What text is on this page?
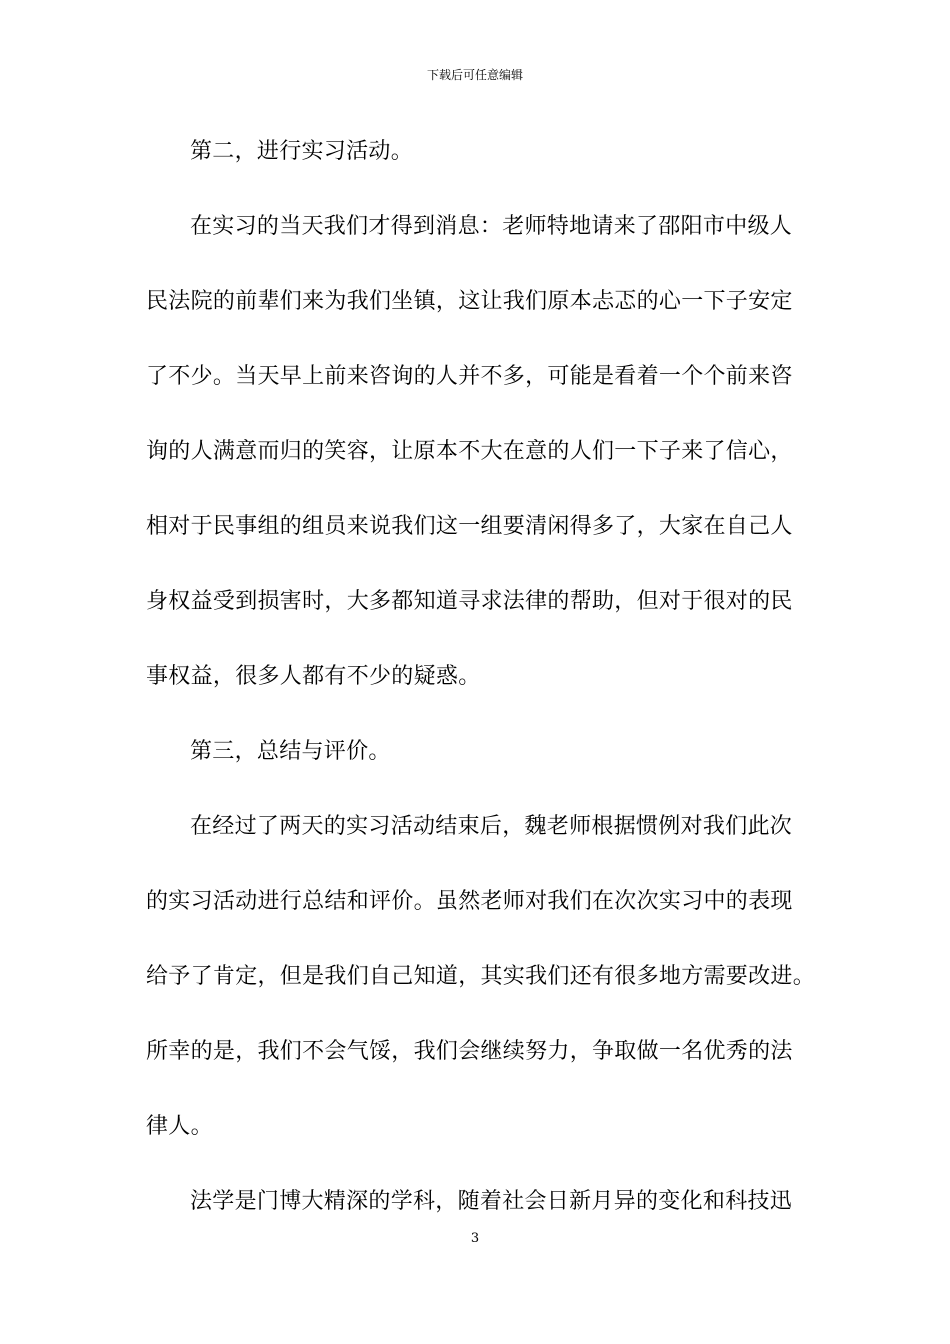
下载后可任意编辑
第二，进行实习活动。
在实习的当天我们才得到消息：老师特地请来了邵阳市中级人
民法院的前辈们来为我们坐镇，这让我们原本忐忑的心一下子安定
了不少。当天早上前来咨询的人并不多，可能是看着一个个前来咨
询的人满意而归的笑容，让原本不大在意的人们一下子来了信心，
相对于民事组的组员来说我们这一组要清闲得多了，大家在自己人
身权益受到损害时，大多都知道寻求法律的帮助，但对于很对的民
事权益，很多人都有不少的疑惑。
第三，总结与评价。
在经过了两天的实习活动结束后，魏老师根据惯例对我们此次
的实习活动进行总结和评价。虽然老师对我们在次次实习中的表现
给予了肯定，但是我们自己知道，其实我们还有很多地方需要改进。
所幸的是，我们不会气馁，我们会继续努力，争取做一名优秀的法
律人。
法学是门博大精深的学科，随着社会日新月异的变化和科技迅
3
